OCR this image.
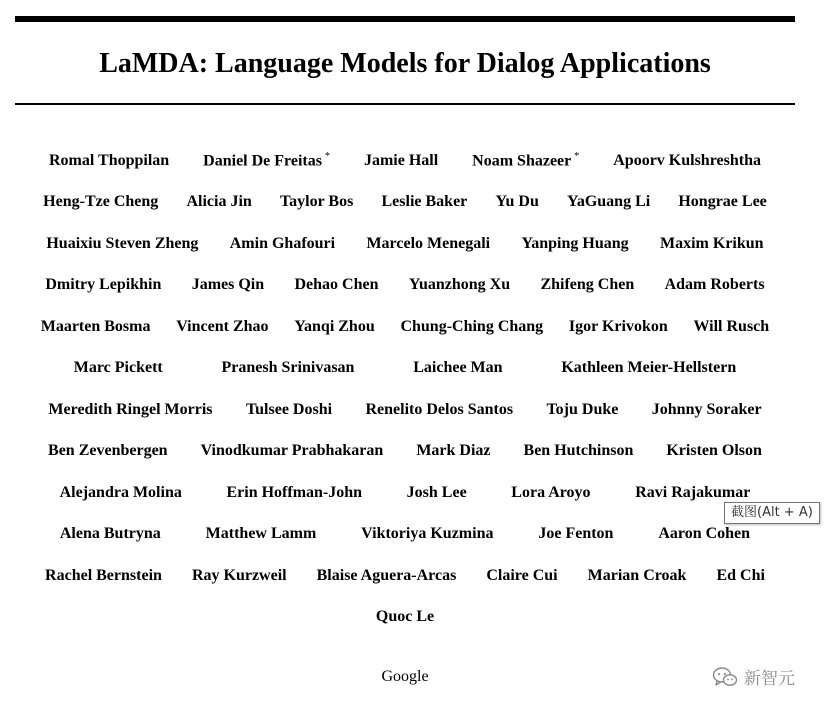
LaMDA: Language Models for Dialog Applications
Romal Thoppilan Daniel De Freitas * Jamie Hall Noam Shazeer * Apoorv Kulshreshtha
Heng-Tze Cheng Alicia Jin Taylor Bos Leslie Baker Yu Du YaGuang Li Hongrae Lee
Huaixiu Steven Zheng Amin Ghafouri Marcelo Menegali Yanping Huang Maxim Krikun
Dmitry Lepikhin James Qin Dehao Chen Yuanzhong Xu Zhifeng Chen Adam Roberts
Maarten Bosma Vincent Zhao Yanqi Zhou Chung-Ching Chang Igor Krivokon Will Rusch
Marc Pickett	Pranesh Srinivasan	Laichee Man	Kathleen Meier-Hellstern
Meredith Ringel Morris Tulsee Doshi Renelito Delos Santos Toju Duke Johnny Soraker
Ben Zevenbergen Vinodkumar Prabhakaran Mark Diaz Ben Hutchinson Kristen Olson
Alejandra Molina	Erin Hoffman-John	Josh Lee	Lora Aroyo	Ravi Rajakumar
Alena Butryna	Matthew Lamm	Viktoriya Kuzmina	Joe Fenton	Aaron Cohen
Rachel Bernstein Ray Kurzweil Blaise Aguera-Arcas Claire Cui Marian Croak Ed Chi
Quoc Le
Google
截图(Alt + A)
新智元
